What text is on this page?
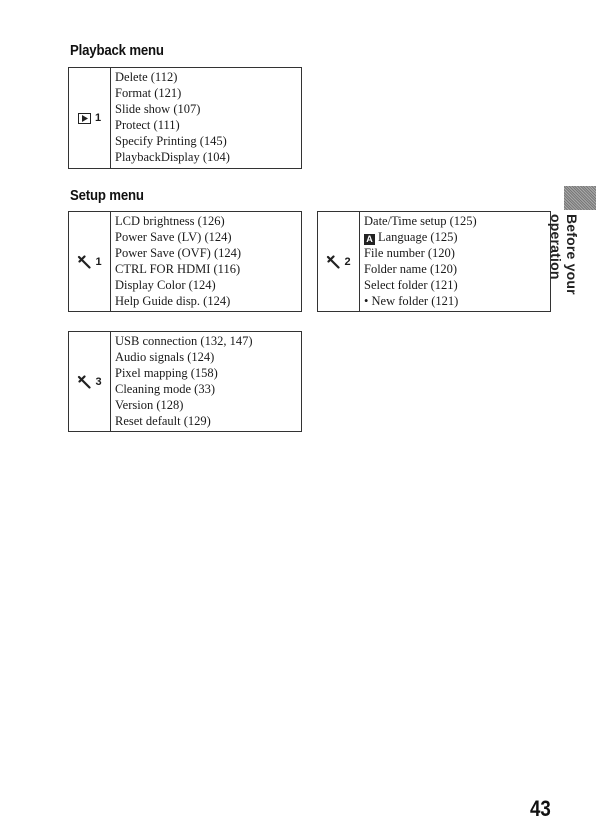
Playback menu
1
Delete (112)
Format (121)
Slide show (107)
Protect (111)
Specify Printing (145)
PlaybackDisplay (104)
Setup menu
1
LCD brightness (126)
Power Save (LV) (124)
Power Save (OVF) (124)
CTRL FOR HDMI (116)
Display Color (124)
Help Guide disp. (124)
2
Date/Time setup (125)
A Language (125)
File number (120)
Folder name (120)
Select folder (121)
• New folder (121)
3
USB connection (132, 147)
Audio signals (124)
Pixel mapping (158)
Cleaning mode (33)
Version (128)
Reset default (129)
Before your operation

43
